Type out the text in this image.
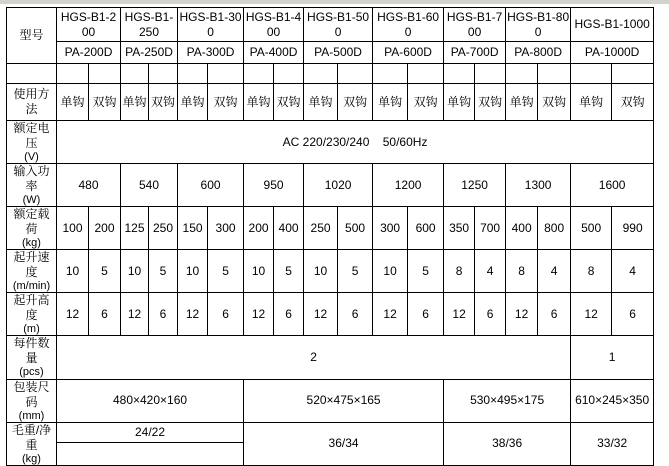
型号	HGS-B1-200		HGS-B1-250		HGS-B1-300		HGS-B1-400		HGS-B1-500		HGS-B1-600		HGS-B1-700		HGS-B1-800		HGS-B1-1000	
	PA-200D		PA-250D		PA-300D		PA-400D		PA-500D		PA-600D		PA-700D		PA-800D		PA-1000D	

使用方法	单钩	双钩	单钩	双钩	单钩	双钩	单钩	双钩	单钩	双钩	单钩	双钩	单钩	双钩	单钩	双钩	单钩	双钩
额定电压
(V)	AC 220/230/240    50/60Hz																	
输入功率
(W)	480		540		600		950		1020		1200		1250		1300		1600	
额定载荷
(kg)	100	200	125	250	150	300	200	400	250	500	300	600	350	700	400	800	500	990
起升速度
(m/min)	10	5	10	5	10	5	10	5	10	5	10	5	8	4	8	4	8	4
起升高度
(m)	12	6	12	6	12	6	12	6	12	6	12	6	12	6	12	6	12	6
每件数量
(pcs)	2																1	
包装尺码
(mm)	480×420×160						520×475×165						530×495×175				610×245×350	
毛重/净重
(kg)	24/22						36/34						38/36				33/32	
